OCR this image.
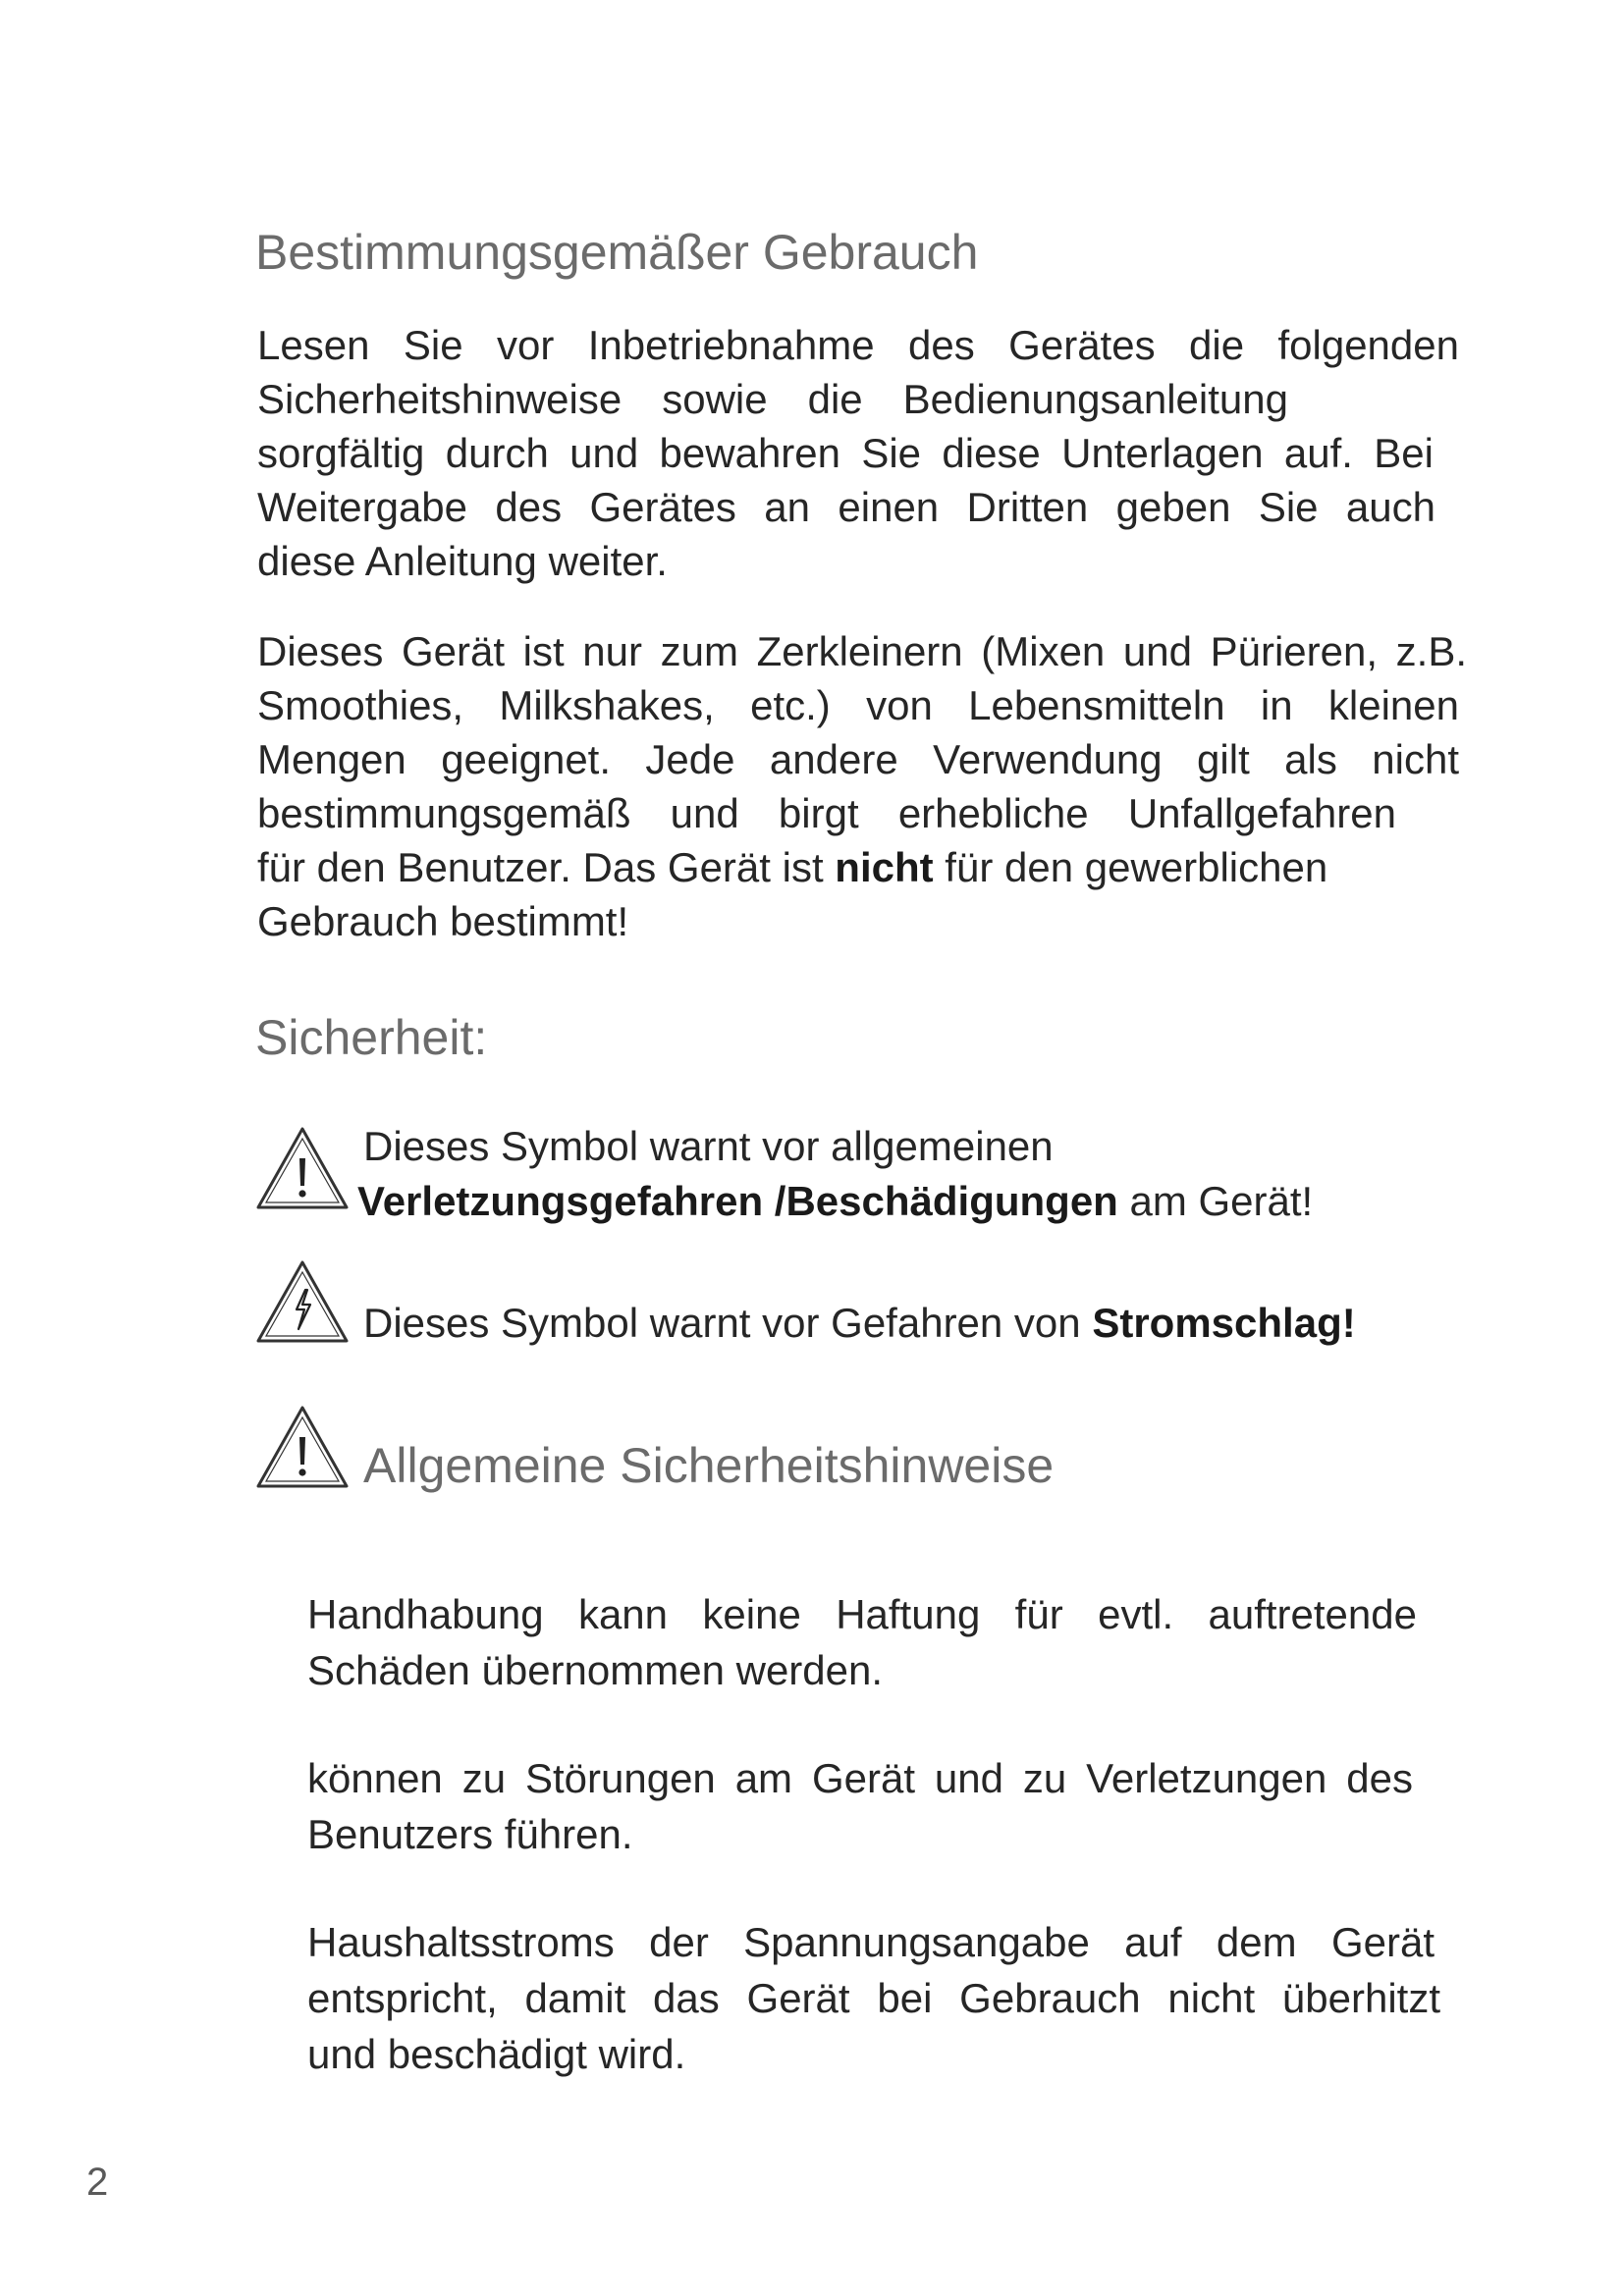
Bestimmungsgemäßer Gebrauch
Lesen Sie vor Inbetriebnahme des Gerätes die folgenden
Sicherheitshinweise sowie die Bedienungsanleitung
sorgfältig durch und bewahren Sie diese Unterlagen auf. Bei
Weitergabe des Gerätes an einen Dritten geben Sie auch
diese Anleitung weiter.
Dieses Gerät ist nur zum Zerkleinern (Mixen und Pürieren, z.B.
Smoothies, Milkshakes, etc.) von Lebensmitteln in kleinen
Mengen geeignet. Jede andere Verwendung gilt als nicht
bestimmungsgemäß und birgt erhebliche Unfallgefahren
für den Benutzer. Das Gerät ist nicht für den gewerblichen
Gebrauch bestimmt!
Sicherheit:
Dieses Symbol warnt vor allgemeinen
Verletzungsgefahren /Beschädigungen am Gerät!
Dieses Symbol warnt vor Gefahren von Stromschlag!
Allgemeine Sicherheitshinweise
Handhabung kann keine Haftung für evtl. auftretende
Schäden übernommen werden.
können zu Störungen am Gerät und zu Verletzungen des
Benutzers führen.
Haushaltsstroms der Spannungsangabe auf dem Gerät
entspricht, damit das Gerät bei Gebrauch nicht überhitzt
und beschädigt wird.
2
